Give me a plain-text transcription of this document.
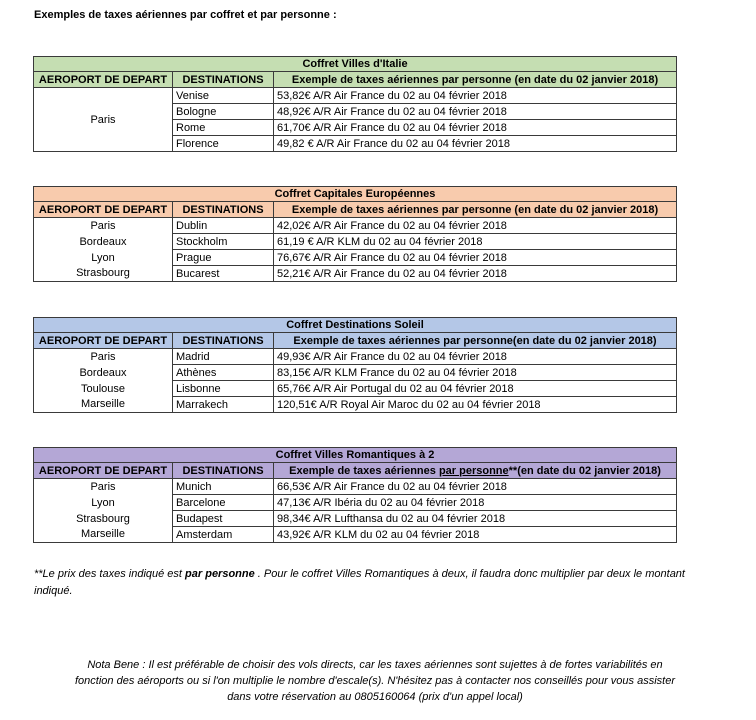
Exemples de taxes aériennes par coffret et par personne :
Coffret Villes d'Italie		
AEROPORT DE DEPART	DESTINATIONS	Exemple de taxes aériennes par personne (en date du 02 janvier 2018)
Paris	Venise	53,82€ A/R Air France du 02 au 04 février 2018
	Bologne	48,92€ A/R Air France du 02 au 04 février 2018
	Rome	61,70€ A/R Air France du 02 au 04 février 2018
	Florence	49,82 € A/R Air France du 02 au 04 février 2018
Coffret Capitales Européennes		
AEROPORT DE DEPART	DESTINATIONS	Exemple de taxes aériennes par personne (en date du 02 janvier 2018)
Paris	Dublin	42,02€ A/R Air France du 02 au 04 février 2018
Bordeaux	Stockholm	61,19 € A/R KLM du 02 au 04 février 2018
Lyon	Prague	76,67€ A/R Air France du 02 au 04 février 2018
Strasbourg	Bucarest	52,21€ A/R Air France du 02 au 04 février 2018
Coffret Destinations Soleil		
AEROPORT DE DEPART	DESTINATIONS	Exemple de taxes aériennes par personne(en date du 02 janvier 2018)
Paris	Madrid	49,93€ A/R Air France du 02 au 04 février 2018
Bordeaux	Athènes	83,15€ A/R KLM France du 02 au 04 février 2018
Toulouse	Lisbonne	65,76€ A/R Air Portugal du 02 au 04 février 2018
Marseille	Marrakech	120,51€ A/R Royal Air Maroc du 02 au 04 février 2018
Coffret Villes Romantiques à 2		
AEROPORT DE DEPART	DESTINATIONS	Exemple de taxes aériennes par personne**(en date du 02 janvier 2018)
Paris	Munich	66,53€ A/R Air France du 02 au 04 février 2018
Lyon	Barcelone	47,13€ A/R Ibéria du 02 au 04 février 2018
Strasbourg	Budapest	98,34€ A/R Lufthansa du 02 au 04 février 2018
Marseille	Amsterdam	43,92€ A/R KLM du 02 au 04 février 2018
**Le prix des taxes indiqué est par personne . Pour le coffret Villes Romantiques à deux, il faudra donc multiplier par deux le montant indiqué.
Nota Bene : Il est préférable de choisir des vols directs, car les taxes aériennes sont sujettes à de fortes variabilités en
fonction des aéroports ou si l'on multiplie le nombre d'escale(s). N'hésitez pas à contacter nos conseillés pour vous assister
dans votre réservation au 0805160064 (prix d'un appel local)
